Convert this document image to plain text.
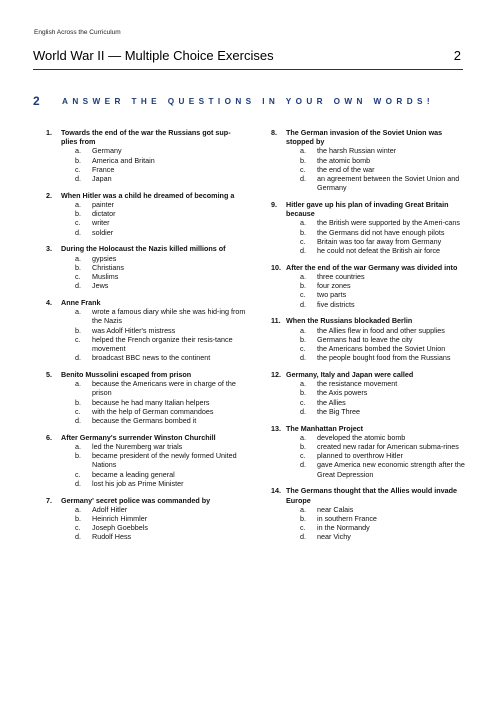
English Across the Curriculum
World War II — Multiple Choice Exercises	2
2	ANSWER THE QUESTIONS IN YOUR OWN WORDS!
1.	Towards the end of the war the Russians got sup-plies from
a.	Germany
b.	America and Britain
c.	France
d.	Japan
2.	When Hitler was a child he dreamed of becoming a
a.	painter
b.	dictator
c.	writer
d.	soldier
3.	During the Holocaust the Nazis killed millions of
a.	gypsies
b.	Christians
c.	Muslims
d.	Jews
4.	Anne Frank
a.	wrote a famous diary while she was hid-ing from the Nazis
b.	was Adolf Hitler's mistress
c.	helped the French organize their resis-tance movement
d.	broadcast BBC news to the continent
5.	Benito Mussolini escaped from prison
a.	because the Americans were in charge of the prison
b.	because he had many Italian helpers
c.	with the help of German commandoes
d.	because the Germans bombed it
6.	After Germany's surrender Winston Churchill
a.	led the Nuremberg war trials
b.	became president of the newly formed United Nations
c.	became a leading general
d.	lost his job as Prime Minister
7.	Germany' secret police was commanded by
a.	Adolf Hitler
b.	Heinrich Himmler
c.	Joseph Goebbels
d.	Rudolf Hess
8.	The German invasion of the Soviet Union was stopped by
a.	the harsh Russian winter
b.	the atomic bomb
c.	the end of the war
d.	an agreement between the Soviet Union and Germany
9.	Hitler gave up his plan of invading Great Britain because
a.	the British were supported by the Ameri-cans
b.	the Germans did not have enough pilots
c.	Britain was too far away from Germany
d.	he could not defeat the British air force
10. After the end of the war Germany was divided into
a.	three countries
b.	four zones
c.	two parts
d.	five districts
11. When the Russians blockaded Berlin
a.	the Allies flew in food and other supplies
b.	Germans had to leave the city
c.	the Americans bombed the Soviet Union
d.	the people bought food from the Russians
12. Germany, Italy and Japan were called
a.	the resistance movement
b.	the Axis powers
c.	the Allies
d.	the Big Three
13. The Manhattan Project
a.	developed the atomic bomb
b.	created new radar for American subma-rines
c.	planned to overthrow Hitler
d.	gave America new economic strength after the Great Depression
14. The Germans thought that the Allies would invade Europe
a.	near Calais
b.	in southern France
c.	in the Normandy
d.	near Vichy
